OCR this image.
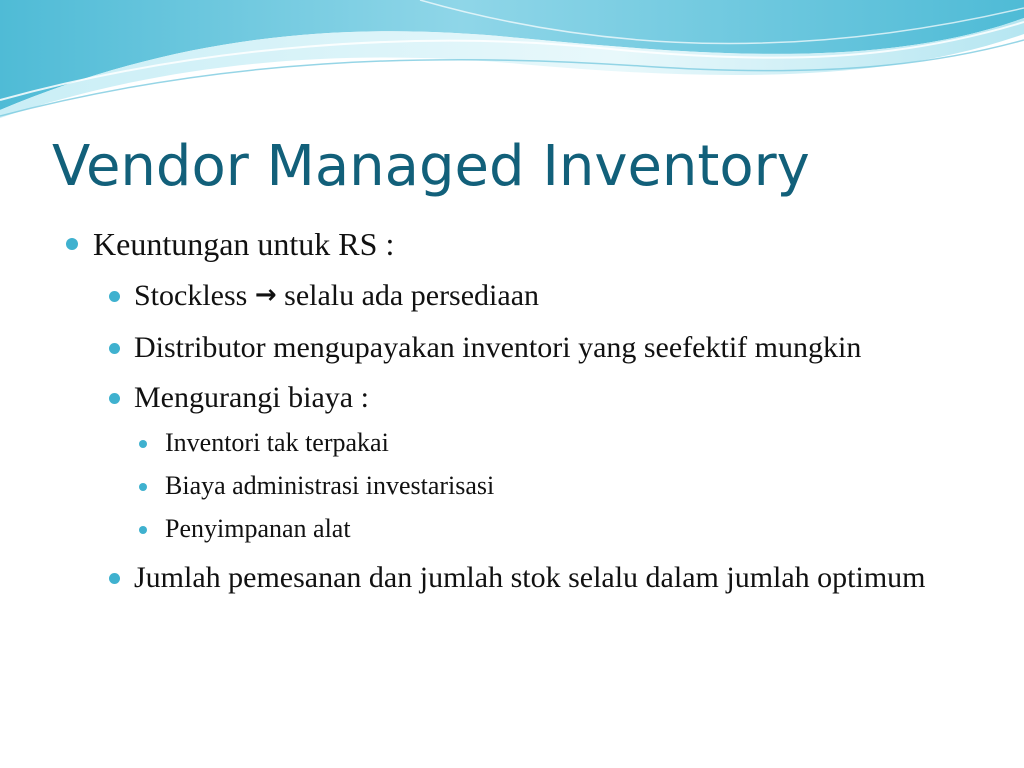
Vendor Managed Inventory

Keuntungan untuk RS :

Stockless → selalu ada persediaan

Distributor mengupayakan inventori yang seefektif mungkin

Mengurangi biaya :

Inventori tak terpakai

Biaya administrasi investarisasi

Penyimpanan alat

Jumlah pemesanan dan jumlah stok selalu dalam jumlah optimum
